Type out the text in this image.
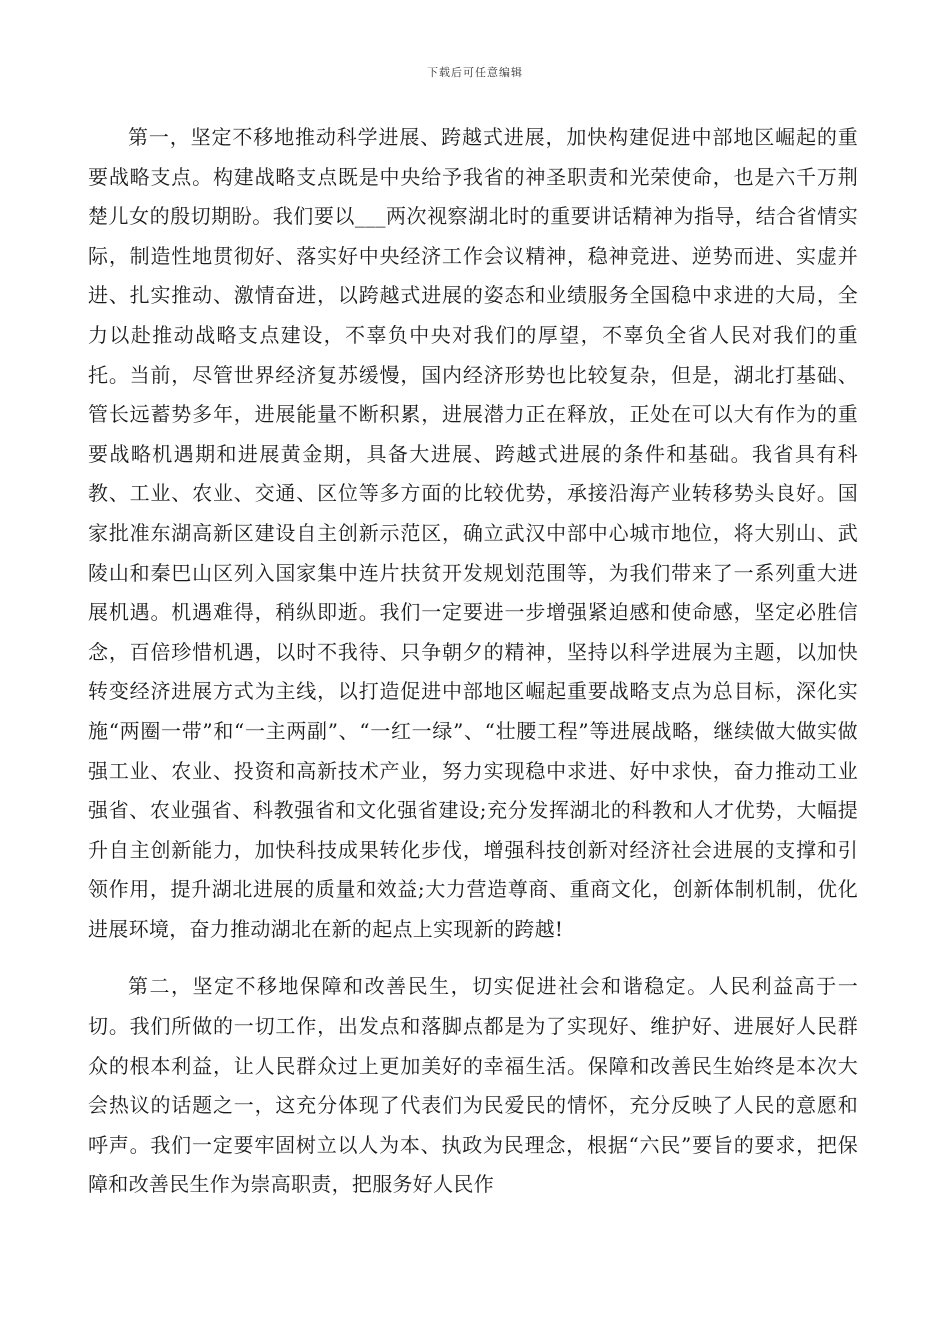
下载后可任意编辑

第一，坚定不移地推动科学进展、跨越式进展，加快构建促进中部地区崛起的重要战略支点。构建战略支点既是中央给予我省的神圣职责和光荣使命，也是六千万荆楚儿女的殷切期盼。我们要以___两次视察湖北时的重要讲话精神为指导，结合省情实际，制造性地贯彻好、落实好中央经济工作会议精神，稳神竞进、逆势而进、实虚并进、扎实推动、激情奋进，以跨越式进展的姿态和业绩服务全国稳中求进的大局，全力以赴推动战略支点建设，不辜负中央对我们的厚望，不辜负全省人民对我们的重托。当前，尽管世界经济复苏缓慢，国内经济形势也比较复杂，但是，湖北打基础、管长远蓄势多年，进展能量不断积累，进展潜力正在释放，正处在可以大有作为的重要战略机遇期和进展黄金期，具备大进展、跨越式进展的条件和基础。我省具有科教、工业、农业、交通、区位等多方面的比较优势，承接沿海产业转移势头良好。国家批准东湖高新区建设自主创新示范区，确立武汉中部中心城市地位，将大别山、武陵山和秦巴山区列入国家集中连片扶贫开发规划范围等，为我们带来了一系列重大进展机遇。机遇难得，稍纵即逝。我们一定要进一步增强紧迫感和使命感，坚定必胜信念，百倍珍惜机遇，以时不我待、只争朝夕的精神，坚持以科学进展为主题，以加快转变经济进展方式为主线，以打造促进中部地区崛起重要战略支点为总目标，深化实施“两圈一带”和“一主两副”、“一红一绿”、“壮腰工程”等进展战略，继续做大做实做强工业、农业、投资和高新技术产业，努力实现稳中求进、好中求快，奋力推动工业强省、农业强省、科教强省和文化强省建设;充分发挥湖北的科教和人才优势，大幅提升自主创新能力，加快科技成果转化步伐，增强科技创新对经济社会进展的支撑和引领作用，提升湖北进展的质量和效益;大力营造尊商、重商文化，创新体制机制，优化进展环境，奋力推动湖北在新的起点上实现新的跨越!

第二，坚定不移地保障和改善民生，切实促进社会和谐稳定。人民利益高于一切。我们所做的一切工作，出发点和落脚点都是为了实现好、维护好、进展好人民群众的根本利益，让人民群众过上更加美好的幸福生活。保障和改善民生始终是本次大会热议的话题之一，这充分体现了代表们为民爱民的情怀，充分反映了人民的意愿和呼声。我们一定要牢固树立以人为本、执政为民理念，根据“六民”要旨的要求，把保障和改善民生作为崇高职责，把服务好人民作
